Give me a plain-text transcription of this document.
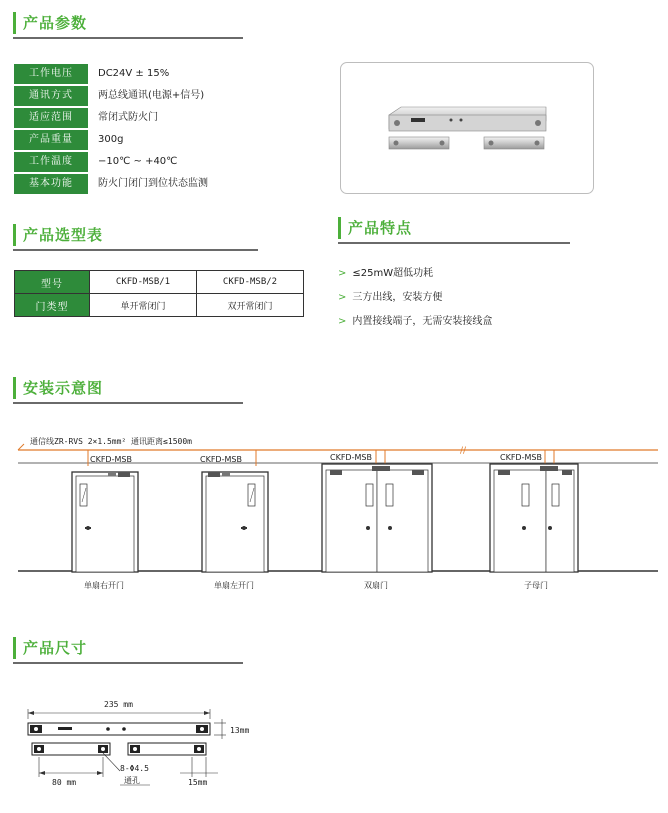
产品参数
工作电压	DC24V ± 15%
通讯方式	两总线通讯(电源+信号)
适应范围	常闭式防火门
产品重量	300g
工作温度	−10℃ ~ +40℃
基本功能	防火门闭门到位状态监测
产品选型表
型号	CKFD-MSB/1	CKFD-MSB/2
门类型	单开常闭门	双开常闭门
产品特点
> ≤25mW超低功耗
> 三方出线，安装方便
> 内置接线端子，无需安装接线盒
安装示意图
通信线ZR-RVS 2×1.5mm² 通讯距离≤1500m
//
CKFD-MSB	CKFD-MSB	CKFD-MSB	CKFD-MSB
单扇右开门	单扇左开门	双扇门	子母门
产品尺寸
235 mm
13mm
80 mm
8-Φ4.5
通孔	15mm
